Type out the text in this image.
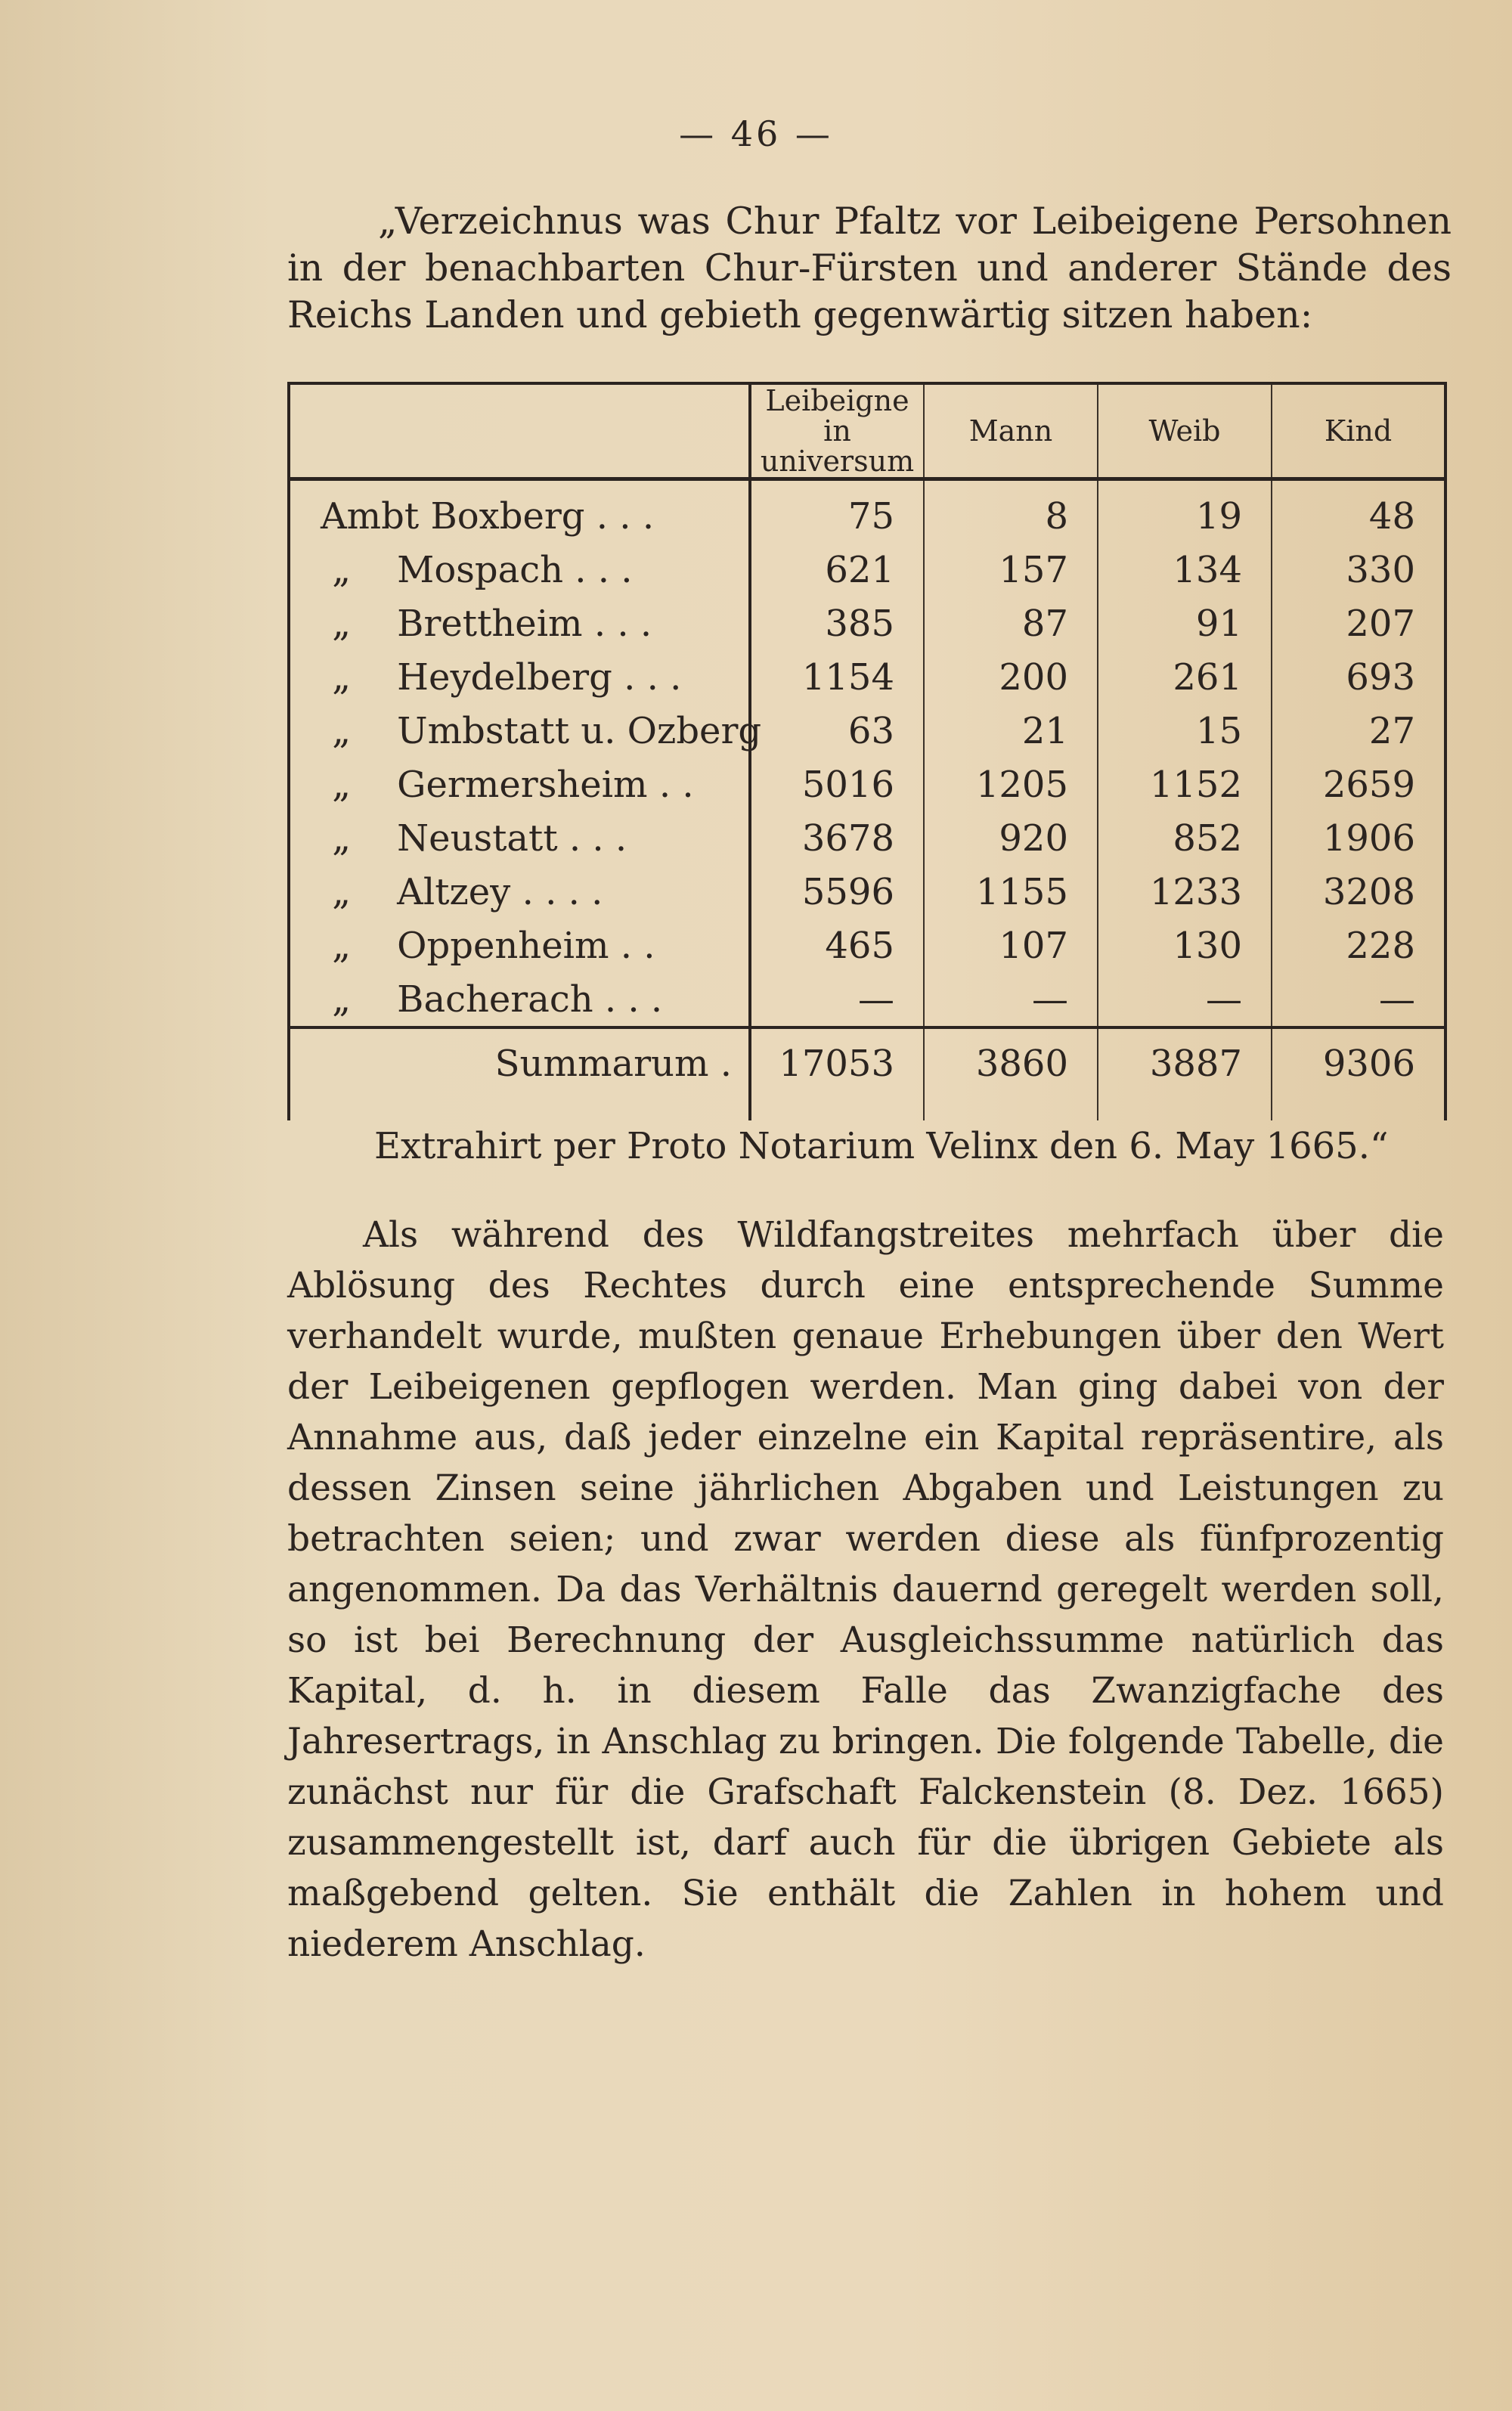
— 46 —

„Verzeichnus was Chur Pfaltz vor Leibeigene Persohnen in der benachbarten Chur-Fürsten und anderer Stände des Reichs Landen und gebieth gegenwärtig sitzen haben:

	Leibeigne in universum	Mann	Weib	Kind
Ambt Boxberg . . .	75	8	19	48
„ Mospach . . .	621	157	134	330
„ Brettheim . . .	385	87	91	207
„ Heydelberg . . .	1154	200	261	693
„ Umbstatt u. Ozberg	63	21	15	27
„ Germersheim . .	5016	1205	1152	2659
„ Neustatt . . .	3678	920	852	1906
„ Altzey . . . .	5596	1155	1233	3208
„ Oppenheim . .	465	107	130	228
„ Bacherach . . .	—	—	—	—
Summarum .	17053	3860	3887	9306
Extrahirt per Proto Notarium Velinx den 6. May 1665.“

Als während des Wildfangstreites mehrfach über die Ablösung des Rechtes durch eine entsprechende Summe verhandelt wurde, mußten genaue Erhebungen über den Wert der Leibeigenen gepflogen werden. Man ging dabei von der Annahme aus, daß jeder einzelne ein Kapital repräsentire, als dessen Zinsen seine jährlichen Abgaben und Leistungen zu betrachten seien; und zwar werden diese als fünfprozentig angenommen. Da das Verhältnis dauernd geregelt werden soll, so ist bei Berechnung der Ausgleichssumme natürlich das Kapital, d. h. in diesem Falle das Zwanzigfache des Jahresertrags, in Anschlag zu bringen. Die folgende Tabelle, die zunächst nur für die Grafschaft Falckenstein (8. Dez. 1665) zusammengestellt ist, darf auch für die übrigen Gebiete als maßgebend gelten. Sie enthält die Zahlen in hohem und niederem Anschlag.
